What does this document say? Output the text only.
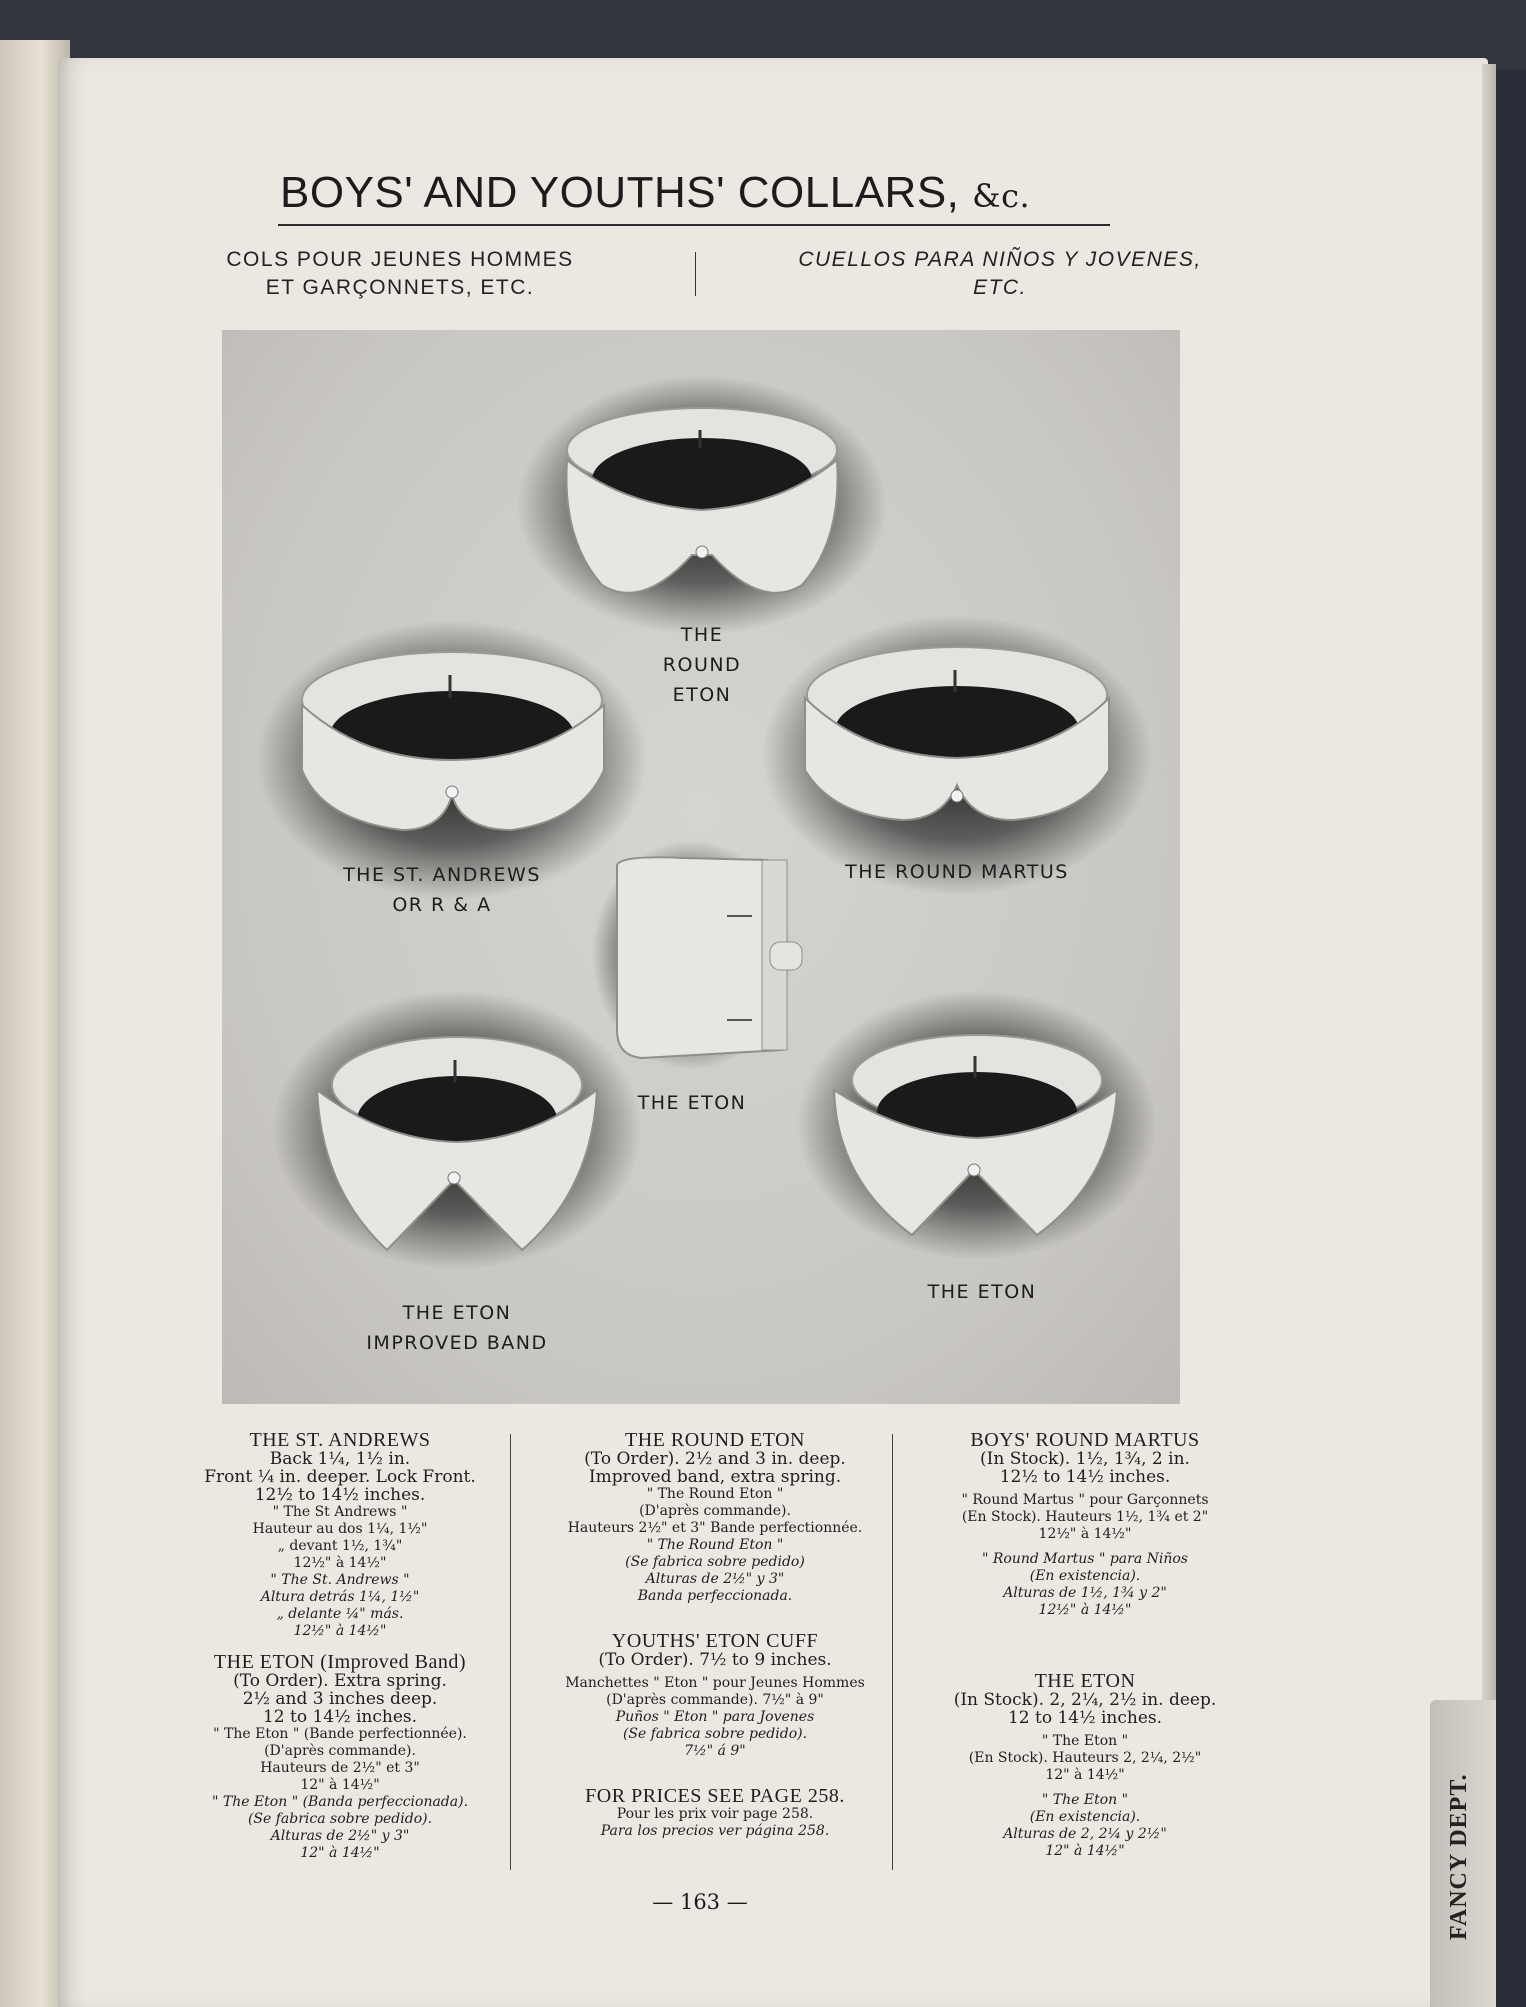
BOYS' AND YOUTHS' COLLARS, &c.
COLS POUR JEUNES HOMMES
ET GARÇONNETS, ETC.
CUELLOS PARA NIÑOS Y JOVENES,
ETC.
THE
ROUND
ETON
THE ST. ANDREWS
OR R & A
THE ROUND MARTUS
THE ETON
THE ETON
IMPROVED BAND
THE ETON
THE ST. ANDREWS

Back 1¼, 1½ in.

Front ¼ in. deeper. Lock Front.

12½ to 14½ inches.

" The St Andrews "

Hauteur au dos 1¼, 1½"

„ devant 1½, 1¾"

12½" à 14½"

" The St. Andrews "

Altura detrás 1¼, 1½"

„ delante ¼" más.

12½" à 14½"

THE ETON (Improved Band)

(To Order). Extra spring.

2½ and 3 inches deep.

12 to 14½ inches.

" The Eton " (Bande perfectionnée).

(D'après commande).

Hauteurs de 2½" et 3"

12" à 14½"

" The Eton " (Banda perfeccionada).

(Se fabrica sobre pedido).

Alturas de 2½" y 3"

12" à 14½"

THE ROUND ETON

(To Order). 2½ and 3 in. deep.

Improved band, extra spring.

" The Round Eton "

(D'après commande).

Hauteurs 2½" et 3" Bande perfectionnée.

" The Round Eton "

(Se fabrica sobre pedido)

Alturas de 2½" y 3"

Banda perfeccionada.

YOUTHS' ETON CUFF

(To Order). 7½ to 9 inches.

Manchettes " Eton " pour Jeunes Hommes

(D'après commande). 7½" à 9"

Puños " Eton " para Jovenes

(Se fabrica sobre pedido).

7½" á 9"

FOR PRICES SEE PAGE 258.

Pour les prix voir page 258.

Para los precios ver página 258.

BOYS' ROUND MARTUS

(In Stock). 1½, 1¾, 2 in.

12½ to 14½ inches.

" Round Martus " pour Garçonnets

(En Stock). Hauteurs 1½, 1¾ et 2"

12½" à 14½"

" Round Martus " para Niños

(En existencia).

Alturas de 1½, 1¾ y 2"

12½" à 14½"

THE ETON

(In Stock). 2, 2¼, 2½ in. deep.

12 to 14½ inches.

" The Eton "

(En Stock). Hauteurs 2, 2¼, 2½"

12" à 14½"

" The Eton "

(En existencia).

Alturas de 2, 2¼ y 2½"

12" à 14½"

— 163 —	FANCY DEPT.
